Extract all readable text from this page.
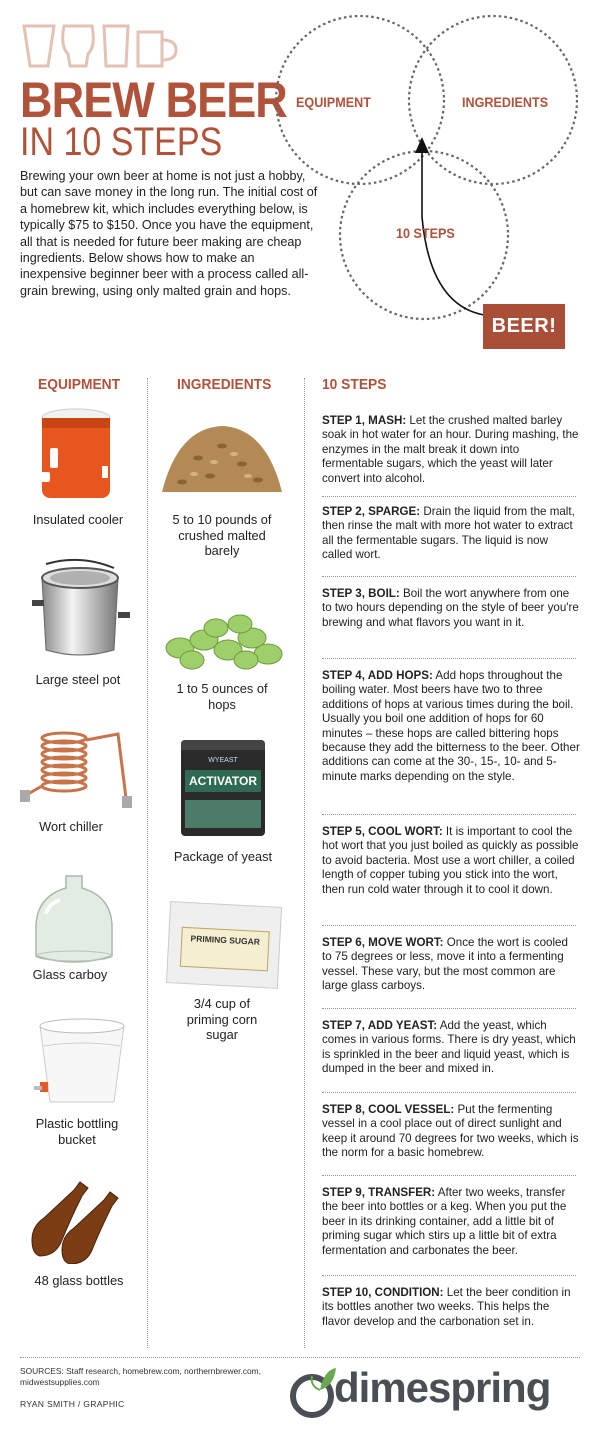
BREW BEER
IN 10 STEPS
Brewing your own beer at home is not just a hobby, but can save money in the long run. The initial cost of a homebrew kit, which includes everything below, is typically $75 to $150. Once you have the equipment, all that is needed for future beer making are cheap ingredients. Below shows how to make an inexpensive beginner beer with a process called all-grain brewing, using only malted grain and hops.
EQUIPMENT	INGREDIENTS
10 STEPS
BEER!
EQUIPMENT	INGREDIENTS	10 STEPS
Insulated cooler
Large steel pot
Wort chiller
Glass carboy
Plastic bottling bucket
48 glass bottles
5 to 10 pounds of crushed malted barely
1 to 5 ounces of hops
WYEAST
ACTIVATOR
Package of yeast
PRIMING SUGAR
3/4 cup of priming corn sugar
STEP 1, MASH: Let the crushed malted barley soak in hot water for an hour. During mashing, the enzymes in the malt break it down into fermentable sugars, which the yeast will later convert into alcohol.
STEP 2, SPARGE: Drain the liquid from the malt, then rinse the malt with more hot water to extract all the fermentable sugars. The liquid is now called wort.
STEP 3, BOIL: Boil the wort anywhere from one to two hours depending on the style of beer you're brewing and what flavors you want in it.
STEP 4, ADD HOPS: Add hops throughout the boiling water. Most beers have two to three additions of hops at various times during the boil. Usually you boil one addition of hops for 60 minutes – these hops are called bittering hops because they add the bitterness to the beer. Other additions can come at the 30-, 15-, 10- and 5-minute marks depending on the style.
STEP 5, COOL WORT: It is important to cool the hot wort that you just boiled as quickly as possible to avoid bacteria. Most use a wort chiller, a coiled length of copper tubing you stick into the wort, then run cold water through it to cool it down.
STEP 6, MOVE WORT: Once the wort is cooled to 75 degrees or less, move it into a fermenting vessel. These vary, but the most common are large glass carboys.
STEP 7, ADD YEAST: Add the yeast, which comes in various forms. There is dry yeast, which is sprinkled in the beer and liquid yeast, which is dumped in the beer and mixed in.
STEP 8, COOL VESSEL: Put the fermenting vessel in a cool place out of direct sunlight and keep it around 70 degrees for two weeks, which is the norm for a basic homebrew.
STEP 9, TRANSFER: After two weeks, transfer the beer into bottles or a keg. When you put the beer in its drinking container, add a little bit of priming sugar which stirs up a little bit of extra fermentation and carbonates the beer.
STEP 10, CONDITION: Let the beer condition in its bottles another two weeks. This helps the flavor develop and the carbonation set in.
SOURCES: Staff research, homebrew.com, northernbrewer.com, midwestsupplies.com
RYAN SMITH / GRAPHIC	dimespring
